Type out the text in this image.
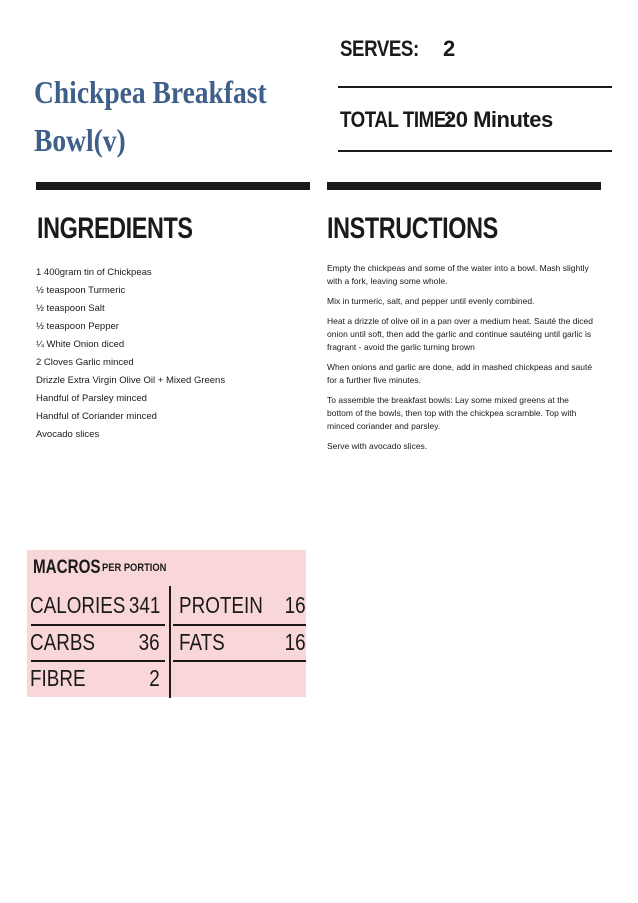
Chickpea Breakfast
Bowl(v)
SERVES: 2
TOTAL TIME:
20 Minutes
INGREDIENTS
1 400gram tin of Chickpeas
½ teaspoon Turmeric
½ teaspoon Salt
½ teaspoon Pepper
¼ White Onion diced
2 Cloves Garlic minced
Drizzle Extra Virgin Olive Oil + Mixed Greens
Handful of Parsley minced
Handful of Coriander minced
Avocado slices
INSTRUCTIONS

Empty the chickpeas and some of the water into a bowl. Mash slightly with a fork, leaving some whole.

Mix in turmeric, salt, and pepper until evenly combined.

Heat a drizzle of olive oil in a pan over a medium heat. Sauté the diced onion until soft, then add the garlic and continue sautéing until garlic is fragrant - avoid the garlic turning brown

When onions and garlic are done, add in mashed chickpeas and sauté for a further five minutes.

To assemble the breakfast bowls: Lay some mixed greens at the bottom of the bowls, then top with the chickpea scramble. Top with minced coriander and parsley.

Serve with avocado slices.

MACROS PER PORTION
CALORIES 341 PROTEIN 16
CARBS 36 FATS	16
FIBRE	2
